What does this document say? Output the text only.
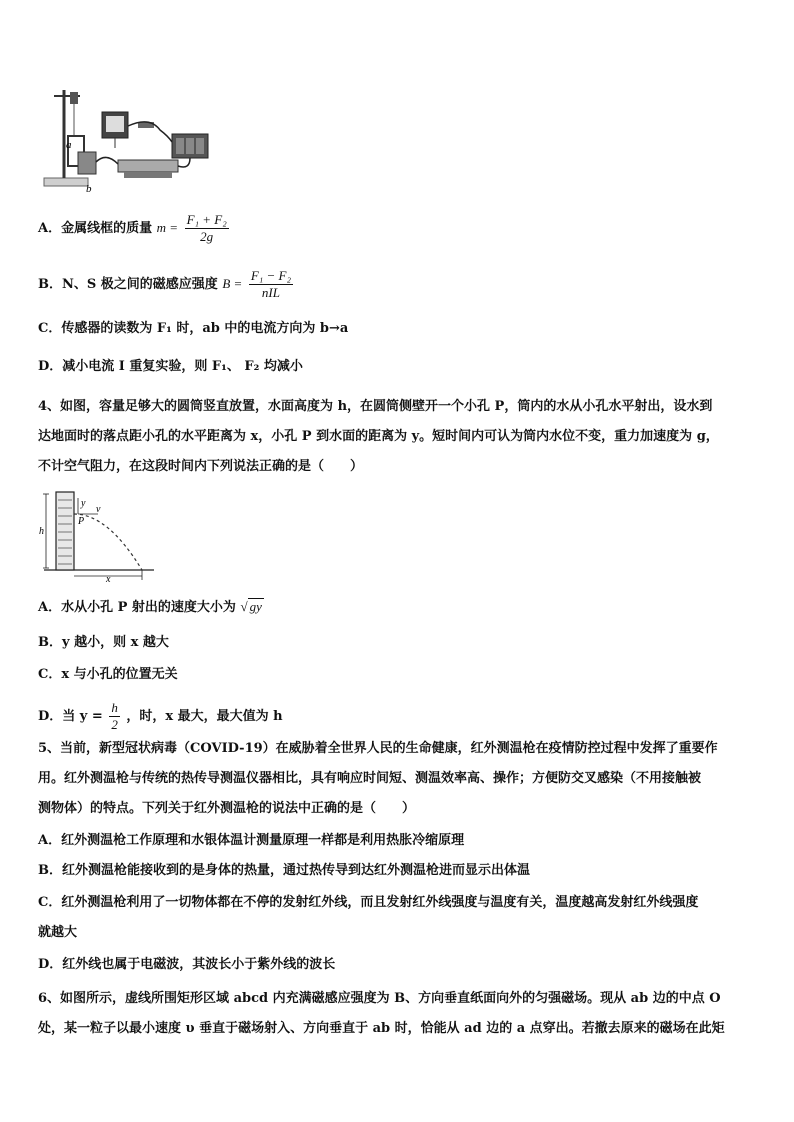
a
b
A．金属线框的质量 $m = \frac{\text{F₁ + F₂}}{2g}$
B．N、S 极之间的磁感应强度 $B = \frac{\text{F₁ − F₂}}{\text{nIL}}$
C．传感器的读数为 F₁ 时，ab 中的电流方向为 b→a
D．减小电流 I 重复实验，则 F₁、 F₂ 均减小
4、如图，容量足够大的圆筒竖直放置，水面高度为 h，在圆筒侧壁开一个小孔 P，筒内的水从小孔水平射出，设水到
达地面时的落点距小孔的水平距离为 x，小孔 P 到水面的距离为 y。短时间内可认为筒内水位不变，重力加速度为 g，
不计空气阻力，在这段时间内下列说法正确的是（　　）
h
y
P
v
x
A．水从小孔 P 射出的速度大小为 √ gy
B．y 越小，则 x 越大
C．x 与小孔的位置无关
D．当 $y = \frac{h}{2}$ ，时，x 最大，最大值为 h
5、当前，新型冠状病毒（COVID-19）在威胁着全世界人民的生命健康，红外测温枪在疫情防控过程中发挥了重要作
用。红外测温枪与传统的热传导测温仪器相比，具有响应时间短、测温效率高、操作；方便防交叉感染（不用接触被
测物体）的特点。下列关于红外测温枪的说法中正确的是（　　）
A．红外测温枪工作原理和水银体温计测量原理一样都是利用热胀冷缩原理
B．红外测温枪能接收到的是身体的热量，通过热传导到达红外测温枪进而显示出体温
C．红外测温枪利用了一切物体都在不停的发射红外线，而且发射红外线强度与温度有关，温度越高发射红外线强度
就越大
D．红外线也属于电磁波，其波长小于紫外线的波长
6、如图所示，虚线所围矩形区域 abcd 内充满磁感应强度为 B、方向垂直纸面向外的匀强磁场。现从 ab 边的中点 O
处，某一粒子以最小速度 υ 垂直于磁场射入、方向垂直于 ab 时，恰能从 ad 边的 a 点穿出。若撤去原来的磁场在此矩
